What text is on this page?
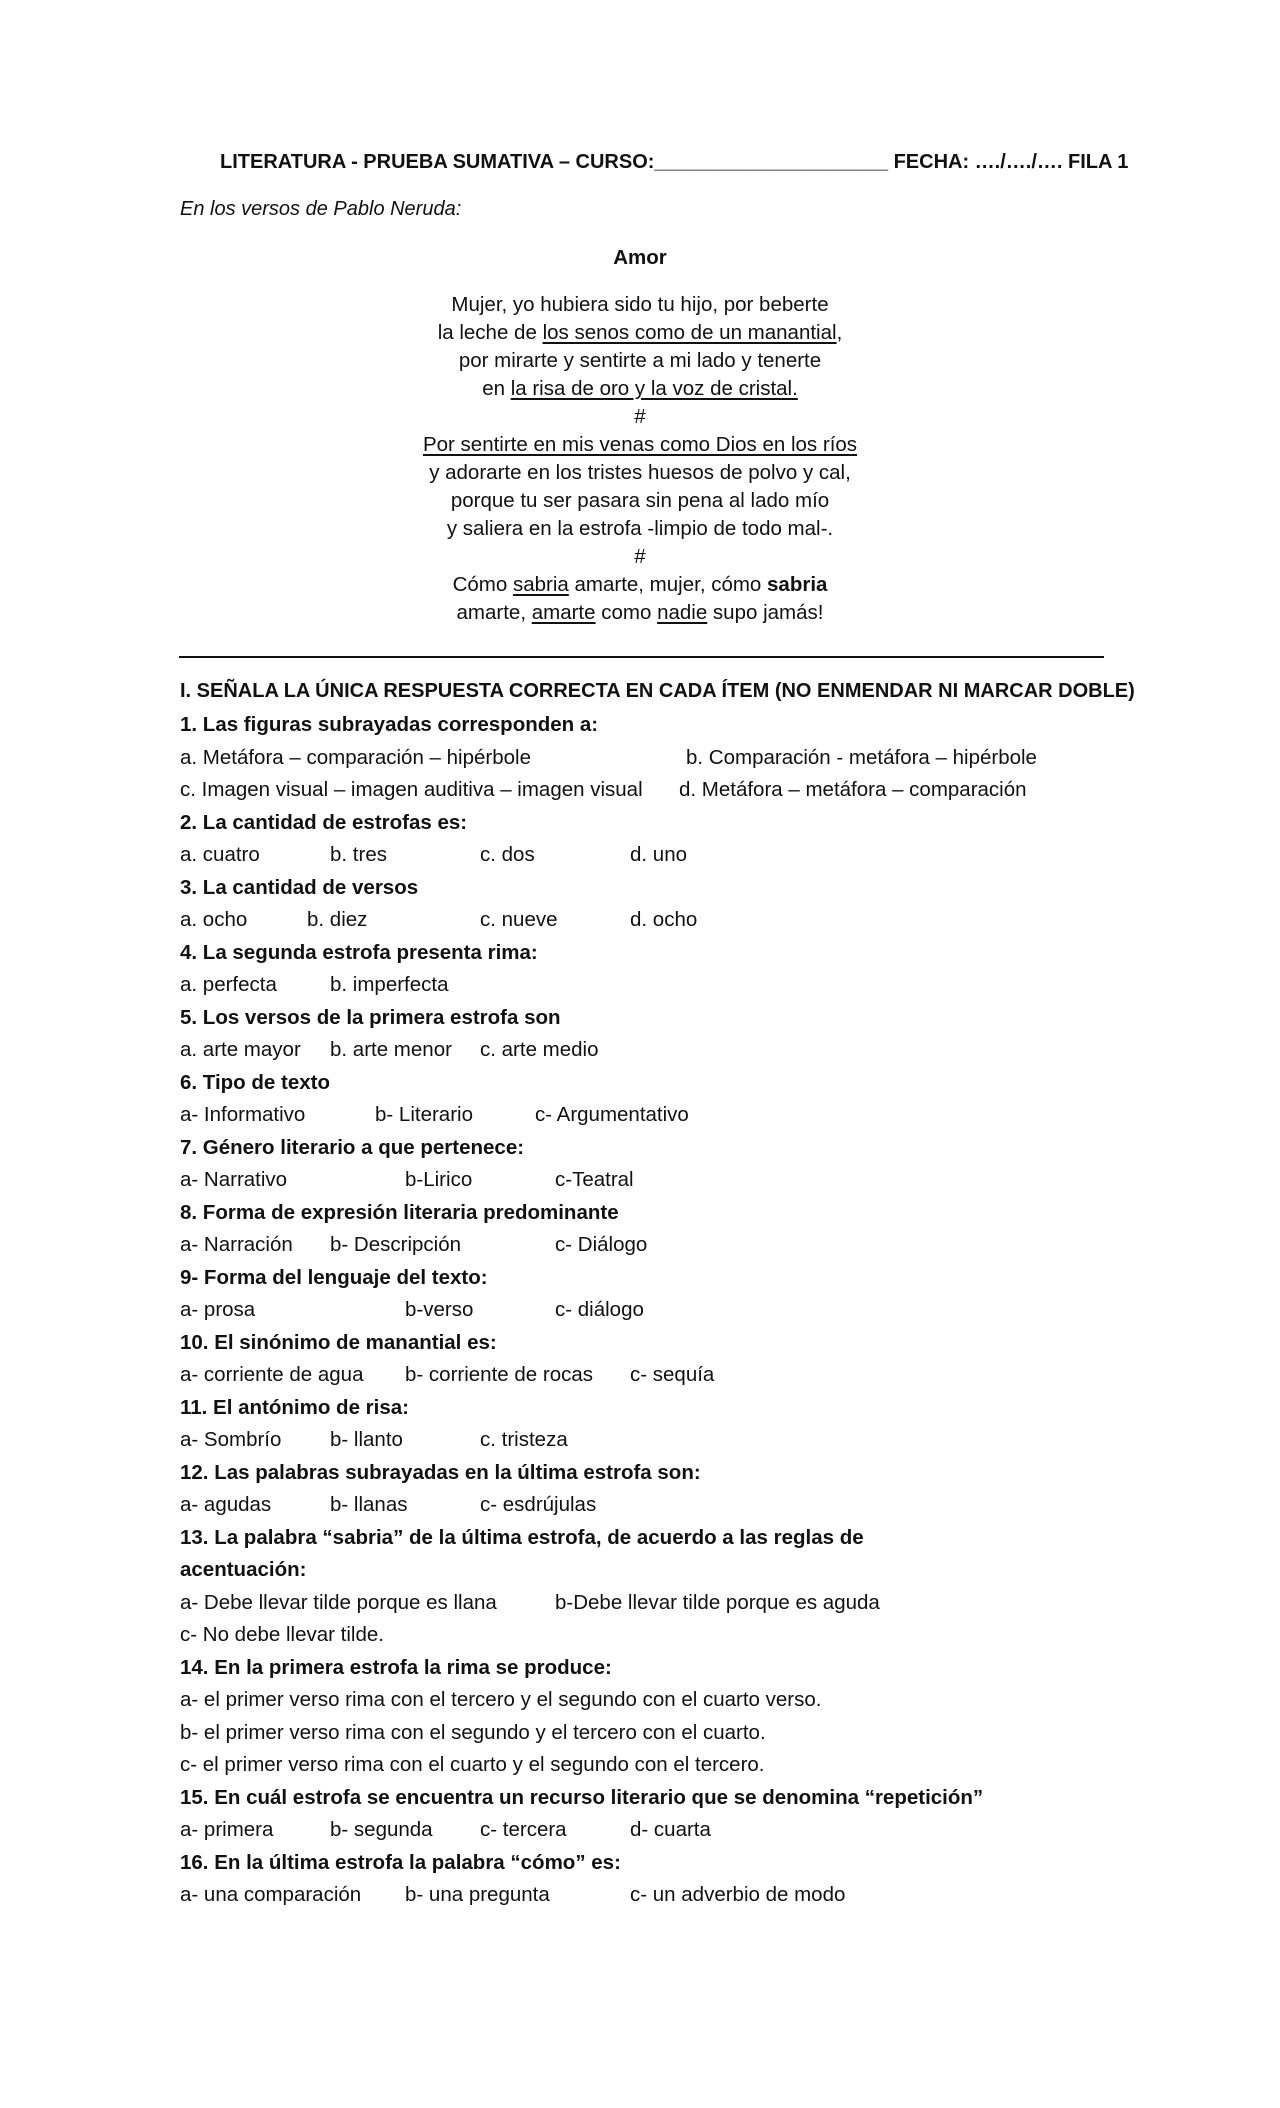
LITERATURA - PRUEBA SUMATIVA – CURSO:_____________________ FECHA: …./…./…. FILA 1
En los versos de Pablo Neruda:
Amor
Mujer, yo hubiera sido tu hijo, por beberte
la leche de los senos como de un manantial,
por mirarte y sentirte a mi lado y tenerte
en la risa de oro y la voz de cristal.
#
Por sentirte en mis venas como Dios en los ríos
y adorarte en los tristes huesos de polvo y cal,
porque tu ser pasara sin pena al lado mío
y saliera en la estrofa -limpio de todo mal-.
#
Cómo sabria amarte, mujer, cómo sabria
amarte, amarte como nadie supo jamás!
I. SEÑALA LA ÚNICA RESPUESTA CORRECTA EN CADA ÍTEM (NO ENMENDAR NI MARCAR DOBLE)
1. Las figuras subrayadas corresponden a:
a. Metáfora – comparación – hipérbole	b. Comparación - metáfora – hipérbole
c. Imagen visual – imagen auditiva – imagen visual d. Metáfora – metáfora – comparación
2. La cantidad de estrofas es:
a. cuatro	b. tres	c. dos	d. uno
3. La cantidad de versos
a. ocho	b. diez	c. nueve	d. ocho
4. La segunda estrofa presenta rima:
a. perfecta	b. imperfecta
5. Los versos de la primera estrofa son
a. arte mayor b. arte menor c. arte medio
6. Tipo de texto
a- Informativo	b- Literario	c- Argumentativo
7. Género literario a que pertenece:
a- Narrativo	b-Lirico	c-Teatral
8. Forma de expresión literaria predominante
a- Narración b- Descripción	c- Diálogo
9- Forma del lenguaje del texto:
a- prosa	b-verso	c- diálogo
10. El sinónimo de manantial es:
a- corriente de agua b- corriente de rocas c- sequía
11. El antónimo de risa:
a- Sombrío b- llanto	c. tristeza
12. Las palabras subrayadas en la última estrofa son:
a- agudas	b- llanas	c- esdrújulas
13. La palabra “sabria” de la última estrofa, de acuerdo a las reglas de
acentuación:
a- Debe llevar tilde porque es llana	b-Debe llevar tilde porque es aguda
c- No debe llevar tilde.
14. En la primera estrofa la rima se produce:
a- el primer verso rima con el tercero y el segundo con el cuarto verso.
b- el primer verso rima con el segundo y el tercero con el cuarto.
c- el primer verso rima con el cuarto y el segundo con el tercero.
15. En cuál estrofa se encuentra un recurso literario que se denomina “repetición”
a- primera	b- segunda c- tercera	d- cuarta
16. En la última estrofa la palabra “cómo” es:
a- una comparación b- una pregunta	c- un adverbio de modo
